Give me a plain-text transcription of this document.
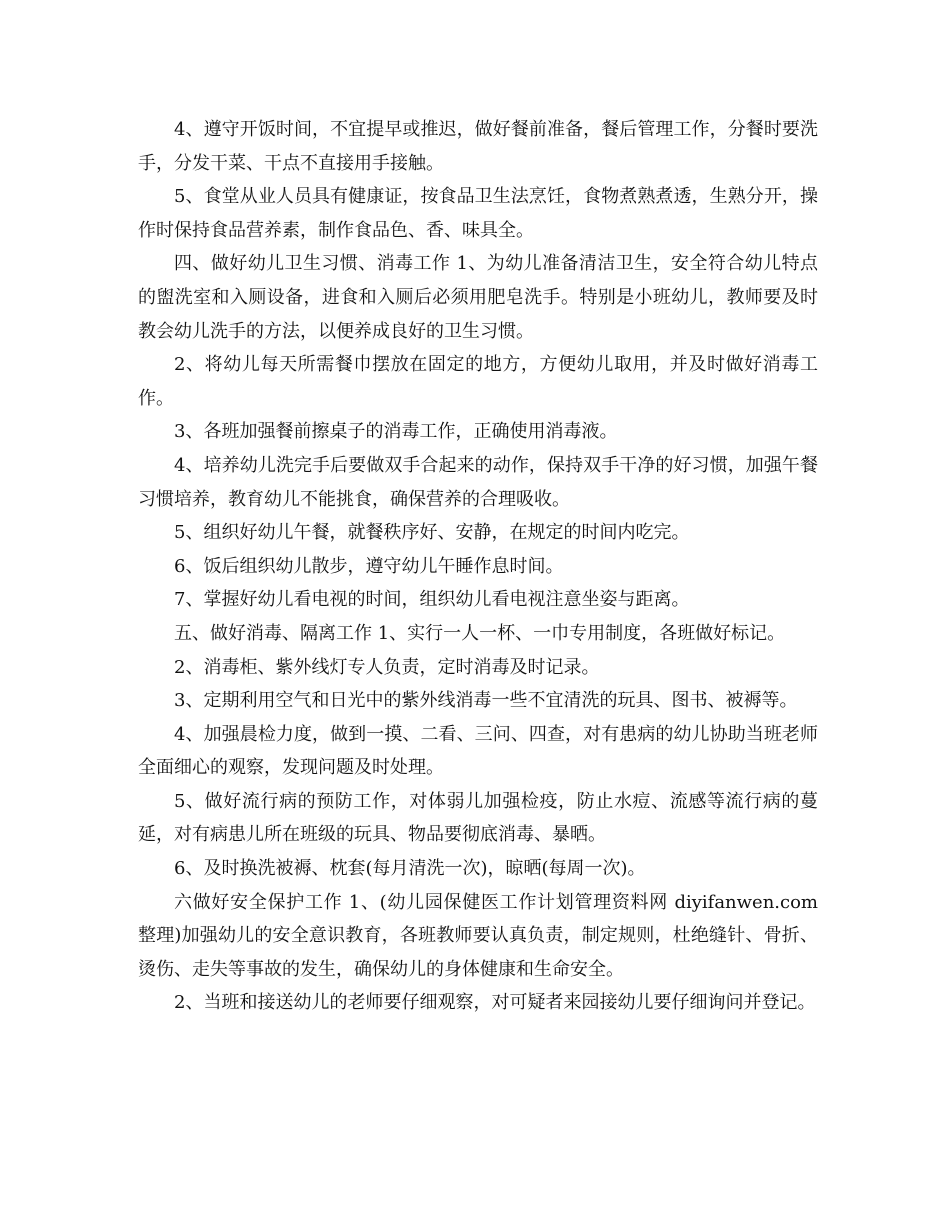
4、遵守开饭时间，不宜提早或推迟，做好餐前准备，餐后管理工作，分餐时要洗手，分发干菜、干点不直接用手接触。

5、食堂从业人员具有健康证，按食品卫生法烹饪，食物煮熟煮透，生熟分开，操作时保持食品营养素，制作食品色、香、味具全。

四、做好幼儿卫生习惯、消毒工作 1、为幼儿准备清洁卫生，安全符合幼儿特点的盥洗室和入厕设备，进食和入厕后必须用肥皂洗手。特别是小班幼儿，教师要及时教会幼儿洗手的方法，以便养成良好的卫生习惯。

2、将幼儿每天所需餐巾摆放在固定的地方，方便幼儿取用，并及时做好消毒工作。

3、各班加强餐前擦桌子的消毒工作，正确使用消毒液。

4、培养幼儿洗完手后要做双手合起来的动作，保持双手干净的好习惯，加强午餐习惯培养，教育幼儿不能挑食，确保营养的合理吸收。

5、组织好幼儿午餐，就餐秩序好、安静，在规定的时间内吃完。

6、饭后组织幼儿散步，遵守幼儿午睡作息时间。

7、掌握好幼儿看电视的时间，组织幼儿看电视注意坐姿与距离。

五、做好消毒、隔离工作 1、实行一人一杯、一巾专用制度，各班做好标记。

2、消毒柜、紫外线灯专人负责，定时消毒及时记录。

3、定期利用空气和日光中的紫外线消毒一些不宜清洗的玩具、图书、被褥等。

4、加强晨检力度，做到一摸、二看、三问、四查，对有患病的幼儿协助当班老师全面细心的观察，发现问题及时处理。

5、做好流行病的预防工作，对体弱儿加强检疫，防止水痘、流感等流行病的蔓延，对有病患儿所在班级的玩具、物品要彻底消毒、暴晒。

6、及时换洗被褥、枕套(每月清洗一次)，晾晒(每周一次)。

六做好安全保护工作 1、(幼儿园保健医工作计划管理资料网 diyifanwen.com 整理)加强幼儿的安全意识教育，各班教师要认真负责，制定规则，杜绝缝针、骨折、烫伤、走失等事故的发生，确保幼儿的身体健康和生命安全。

2、当班和接送幼儿的老师要仔细观察，对可疑者来园接幼儿要仔细询问并登记。
